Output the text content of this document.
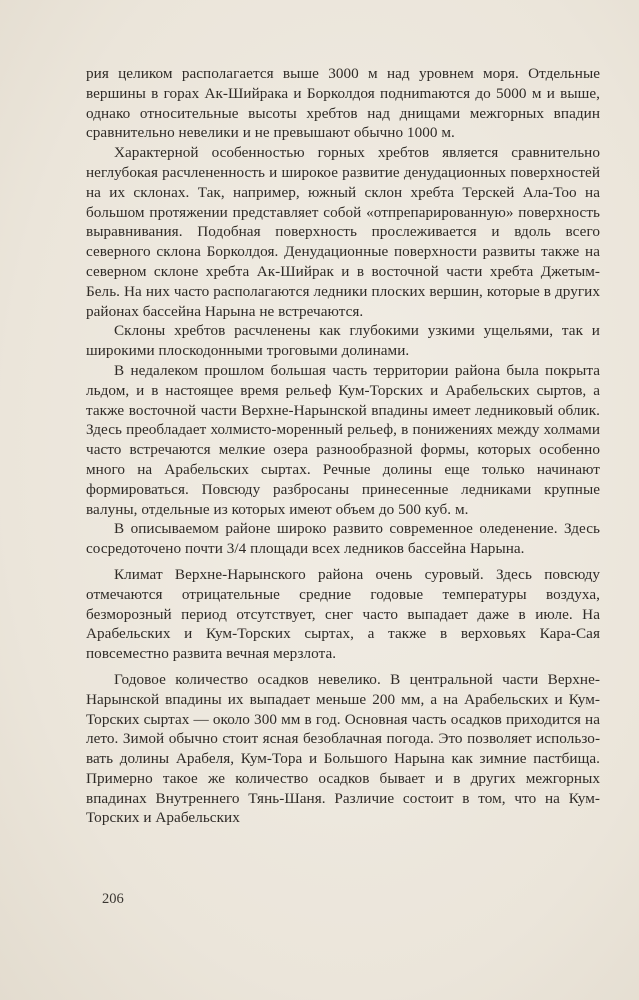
рия целиком располагается выше 3000 м над уровнем моря. Отдельные вершины в горах Ак-Шийрака и Борколдоя подниmаются до 5000 м и выше, однако относительные высоты хребтов над днищами межгорных впадин сравнительно невелики и не превышают обычно 1000 м.

Характерной особенностью горных хребтов является сравнительно неглубокая расчлененность и широкое развитие денудационных поверхностей на их склонах. Так, например, южный склон хребта Терскей Ала-Тоо на большом протяжении представляет собой «отпрепарированную» поверхность выравнивания. Подобная поверхность прослеживается и вдоль всего северного склона Борколдоя. Денудационные поверхности развиты также на северном склоне хребта Ак-Шийрак и в восточной части хребта Джетым-Бель. На них часто располагаются ледники плоских вершин, которые в других районах бассейна Нарына не встречаются.

Склоны хребтов расчленены как глубокими узкими ущельями, так и широкими плоскодонными троговыми долинами.

В недалеком прошлом большая часть территории района была покрыта льдом, и в настоящее время рельеф Кум-Торских и Арабельских сыртов, а также восточной части Верхне-Нарынской впадины имеет ледниковый облик. Здесь преобладает холмисто-моренный рельеф, в понижениях между холмами часто встречаются мелкие озера разнообразной формы, которых особенно много на Арабельских сыртах. Речные долины еще только начинают формироваться. Повсюду разбросаны принесенные ледниками крупные валуны, отдельные из которых имеют объем до 500 куб. м.

В описываемом районе широко развито современное оледенение. Здесь сосредоточено почти 3/4 площади всех ледников бассейна Нарына.

Климат Верхне-Нарынского района очень суровый. Здесь повсюду отмечаются отрицательные средние годовые температуры воздуха, безморозный период отсутствует, снег часто выпадает даже в июле. На Арабельских и Кум-Торских сыртах, а также в верховьях Кара-Сая повсеместно развита вечная мерзлота.

Годовое количество осадков невелико. В центральной части Верхне-Нарынской впадины их выпадает меньше 200 мм, а на Арабельских и Кум-Торских сыртах — около 300 мм в год. Основная часть осадков приходится на лето. Зимой обычно стоит ясная безоблачная погода. Это позволяет использовать долины Арабеля, Кум-Тора и Большого Нарына как зимние пастбища. Примерно такое же количество осадков бывает и в других межгорных впадинах Внутреннего Тянь-Шаня. Различие состоит в том, что на Кум-Торских и Арабельских

206
